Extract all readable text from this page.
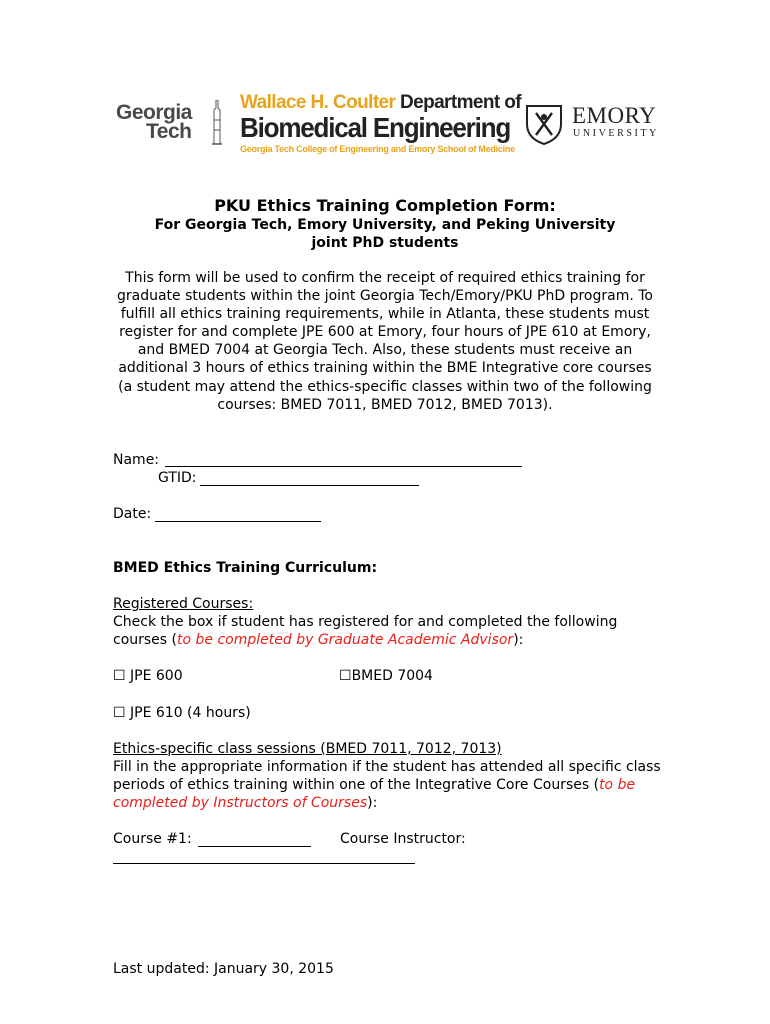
Georgia
Tech
Wallace H. Coulter Department of
Biomedical Engineering
Georgia Tech College of Engineering and Emory School of Medicine
EMORY
UNIVERSITY
PKU Ethics Training Completion Form:
For Georgia Tech, Emory University, and Peking University
joint PhD students
This form will be used to confirm the receipt of required ethics training for graduate students within the joint Georgia Tech/Emory/PKU PhD program. To fulfill all ethics training requirements, while in Atlanta, these students must register for and complete JPE 600 at Emory, four hours of JPE 610 at Emory, and BMED 7004 at Georgia Tech. Also, these students must receive an additional 3 hours of ethics training within the BME Integrative core courses (a student may attend the ethics-specific classes within two of the following courses: BMED 7011, BMED 7012, BMED 7013).
Name:
GTID:
Date:
BMED Ethics Training Curriculum:
Registered Courses:
Check the box if student has registered for and completed the following courses (to be completed by Graduate Academic Advisor):
☐ JPE 600	☐BMED 7004
☐ JPE 610 (4 hours)
Ethics-specific class sessions (BMED 7011, 7012, 7013)
Fill in the appropriate information if the student has attended all specific class periods of ethics training within one of the Integrative Core Courses (to be completed by Instructors of Courses):
Course #1:	Course Instructor:
Last updated: January 30, 2015
